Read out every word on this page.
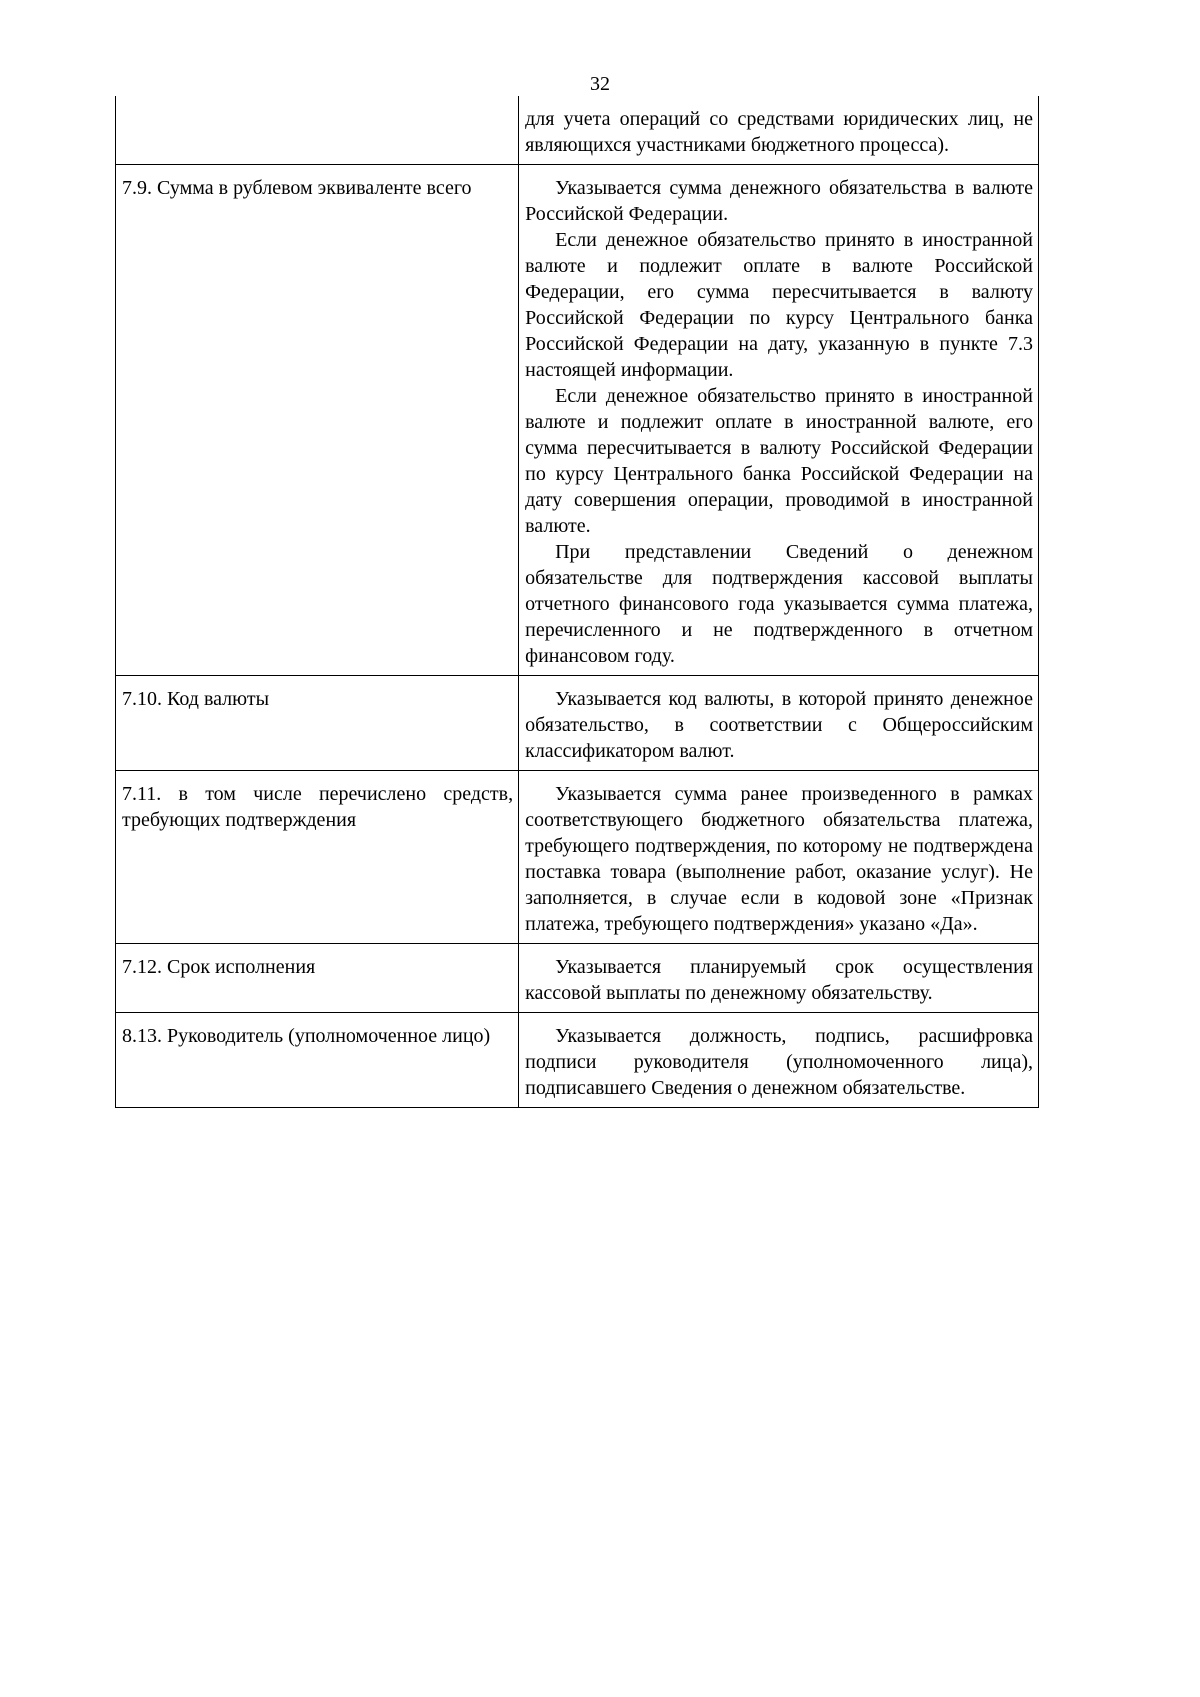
32

	для учета операций со средствами юридических лиц, не являющихся участниками бюджетного процесса).

7.9. Сумма в рублевом эквиваленте всего	Указывается сумма денежного обязательства в валюте Российской Федерации.

Если денежное обязательство принято в иностранной валюте и подлежит оплате в валюте Российской Федерации, его сумма пересчитывается в валюту Российской Федерации по курсу Центрального банка Российской Федерации на дату, указанную в пункте 7.3 настоящей информации.

Если денежное обязательство принято в иностранной валюте и подлежит оплате в иностранной валюте, его сумма пересчитывается в валюту Российской Федерации по курсу Центрального банка Российской Федерации на дату совершения операции, проводимой в иностранной валюте.

При представлении Сведений о денежном обязательстве для подтверждения кассовой выплаты отчетного финансового года указывается сумма платежа, перечисленного и не подтвержденного в отчетном финансовом году.

7.10. Код валюты	Указывается код валюты, в которой принято денежное обязательство, в соответствии с Общероссийским классификатором валют.

7.11. в том числе перечислено средств, требующих подтверждения	Указывается сумма ранее произведенного в рамках соответствующего бюджетного обязательства платежа, требующего подтверждения, по которому не подтверждена поставка товара (выполнение работ, оказание услуг). Не заполняется, в случае если в кодовой зоне «Признак платежа, требующего подтверждения» указано «Да».

7.12. Срок исполнения	Указывается планируемый срок осуществления кассовой выплаты по денежному обязательству.

8.13. Руководитель (уполномоченное лицо)	Указывается должность, подпись, расшифровка подписи руководителя (уполномоченного лица), подписавшего Сведения о денежном обязательстве.
